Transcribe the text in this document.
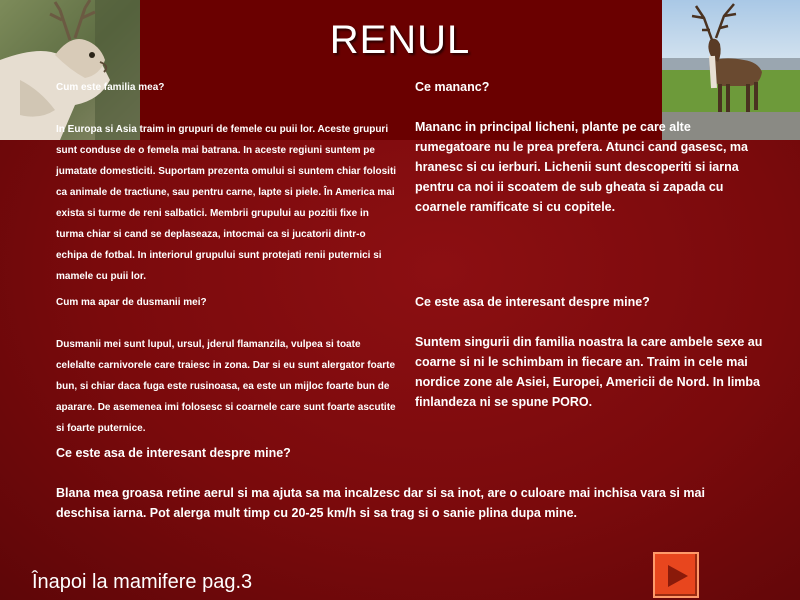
RENUL

Cum este familia mea?

In Europa si Asia traim in grupuri de femele cu puii lor. Aceste grupuri sunt conduse de o femela mai batrana. In aceste regiuni suntem pe jumatate domesticiti. Suportam prezenta omului si suntem chiar folositi ca animale de tractiune, sau pentru carne, lapte si piele. În America mai exista si turme de reni salbatici. Membrii grupului au pozitii fixe in turma chiar si cand se deplaseaza, intocmai ca si jucatorii dintr-o echipa de fotbal. In interiorul grupului sunt protejati renii puternici si mamele cu puii lor.

Ce mananc?

Mananc in principal licheni, plante pe care alte rumegatoare nu le prea prefera. Atunci cand gasesc, ma hranesc si cu ierburi. Lichenii sunt descoperiti si iarna pentru ca noi ii scoatem de sub gheata si zapada cu coarnele ramificate si cu copitele.

Cum ma apar de dusmanii mei?

Dusmanii mei sunt lupul, ursul, jderul flamanzila, vulpea si toate celelalte carnivorele care traiesc in zona. Dar si eu sunt alergator foarte bun, si chiar daca fuga este rusinoasa, ea este un mijloc foarte bun de aparare. De asemenea imi folosesc si coarnele care sunt foarte ascutite si foarte puternice.

Ce este asa de interesant despre mine?

Suntem singurii din familia noastra la care ambele sexe au coarne si ni le schimbam in fiecare an. Traim in cele mai nordice zone ale Asiei, Europei, Americii de Nord. In limba finlandeza ni se spune PORO.

Ce este asa de interesant despre mine?

Blana mea groasa retine aerul si ma ajuta sa ma incalzesc dar si sa inot, are o culoare mai inchisa vara si mai deschisa iarna. Pot alerga mult timp cu 20-25 km/h si sa trag si o sanie plina dupa mine.

Înapoi la mamifere pag.3
